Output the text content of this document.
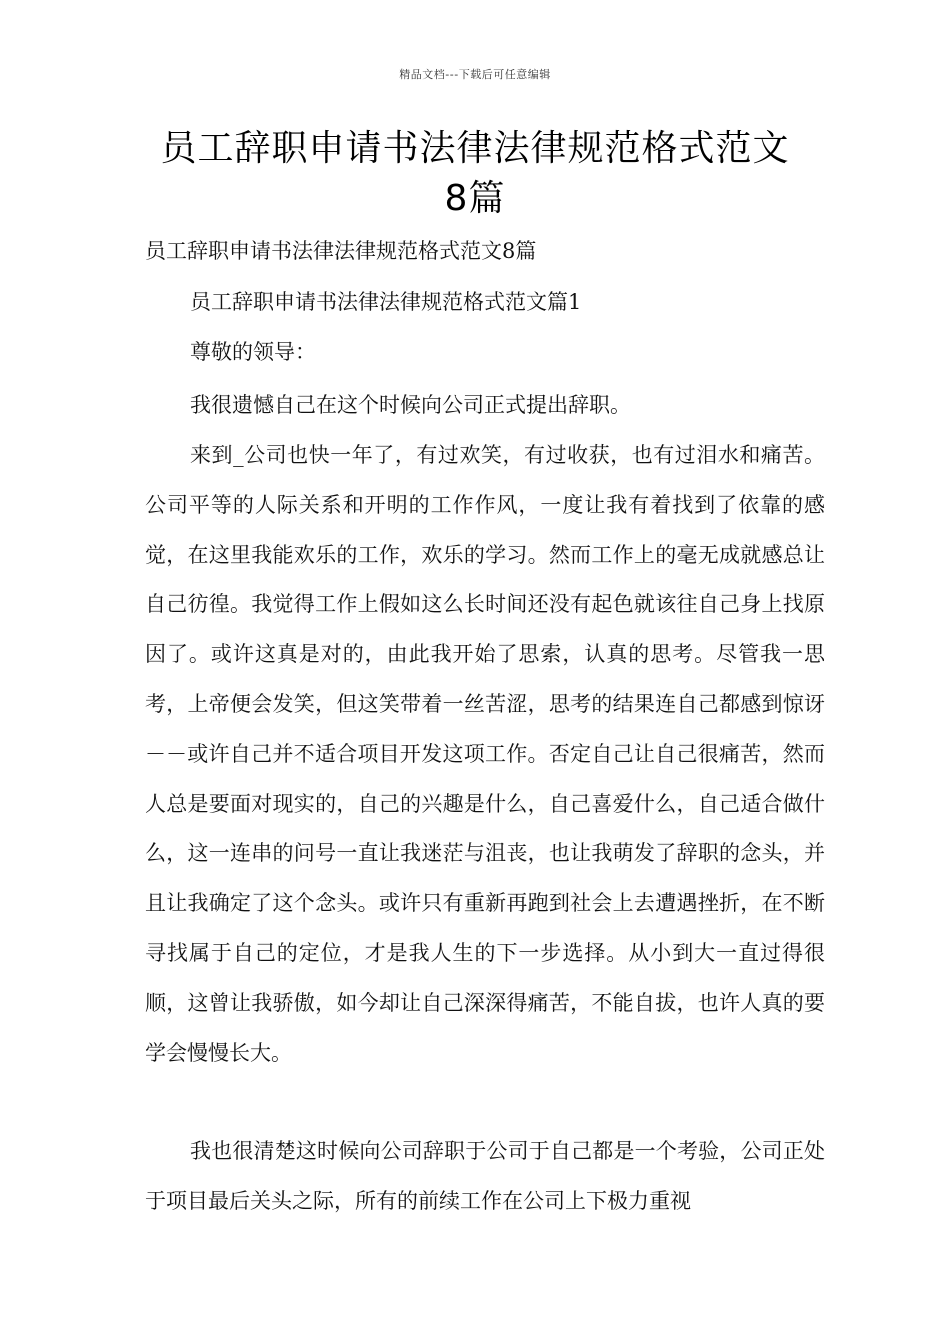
精品文档---下载后可任意编辑
员工辞职申请书法律法律规范格式范文
8篇
员工辞职申请书法律法律规范格式范文8篇
员工辞职申请书法律法律规范格式范文篇1
尊敬的领导：

我很遗憾自己在这个时候向公司正式提出辞职。

来到_公司也快一年了，有过欢笑，有过收获，也有过泪水和痛苦。公司平等的人际关系和开明的工作作风，一度让我有着找到了依靠的感觉，在这里我能欢乐的工作，欢乐的学习。然而工作上的毫无成就感总让自己彷徨。我觉得工作上假如这么长时间还没有起色就该往自己身上找原因了。或许这真是对的，由此我开始了思索，认真的思考。尽管我一思考，上帝便会发笑，但这笑带着一丝苦涩，思考的结果连自己都感到惊讶－－或许自己并不适合项目开发这项工作。否定自己让自己很痛苦，然而人总是要面对现实的，自己的兴趣是什么，自己喜爱什么，自己适合做什么，这一连串的问号一直让我迷茫与沮丧，也让我萌发了辞职的念头，并且让我确定了这个念头。或许只有重新再跑到社会上去遭遇挫折，在不断寻找属于自己的定位，才是我人生的下一步选择。从小到大一直过得很顺，这曾让我骄傲，如今却让自己深深得痛苦，不能自拔，也许人真的要学会慢慢长大。

我也很清楚这时候向公司辞职于公司于自己都是一个考验，公司正处于项目最后关头之际，所有的前续工作在公司上下极力重视
